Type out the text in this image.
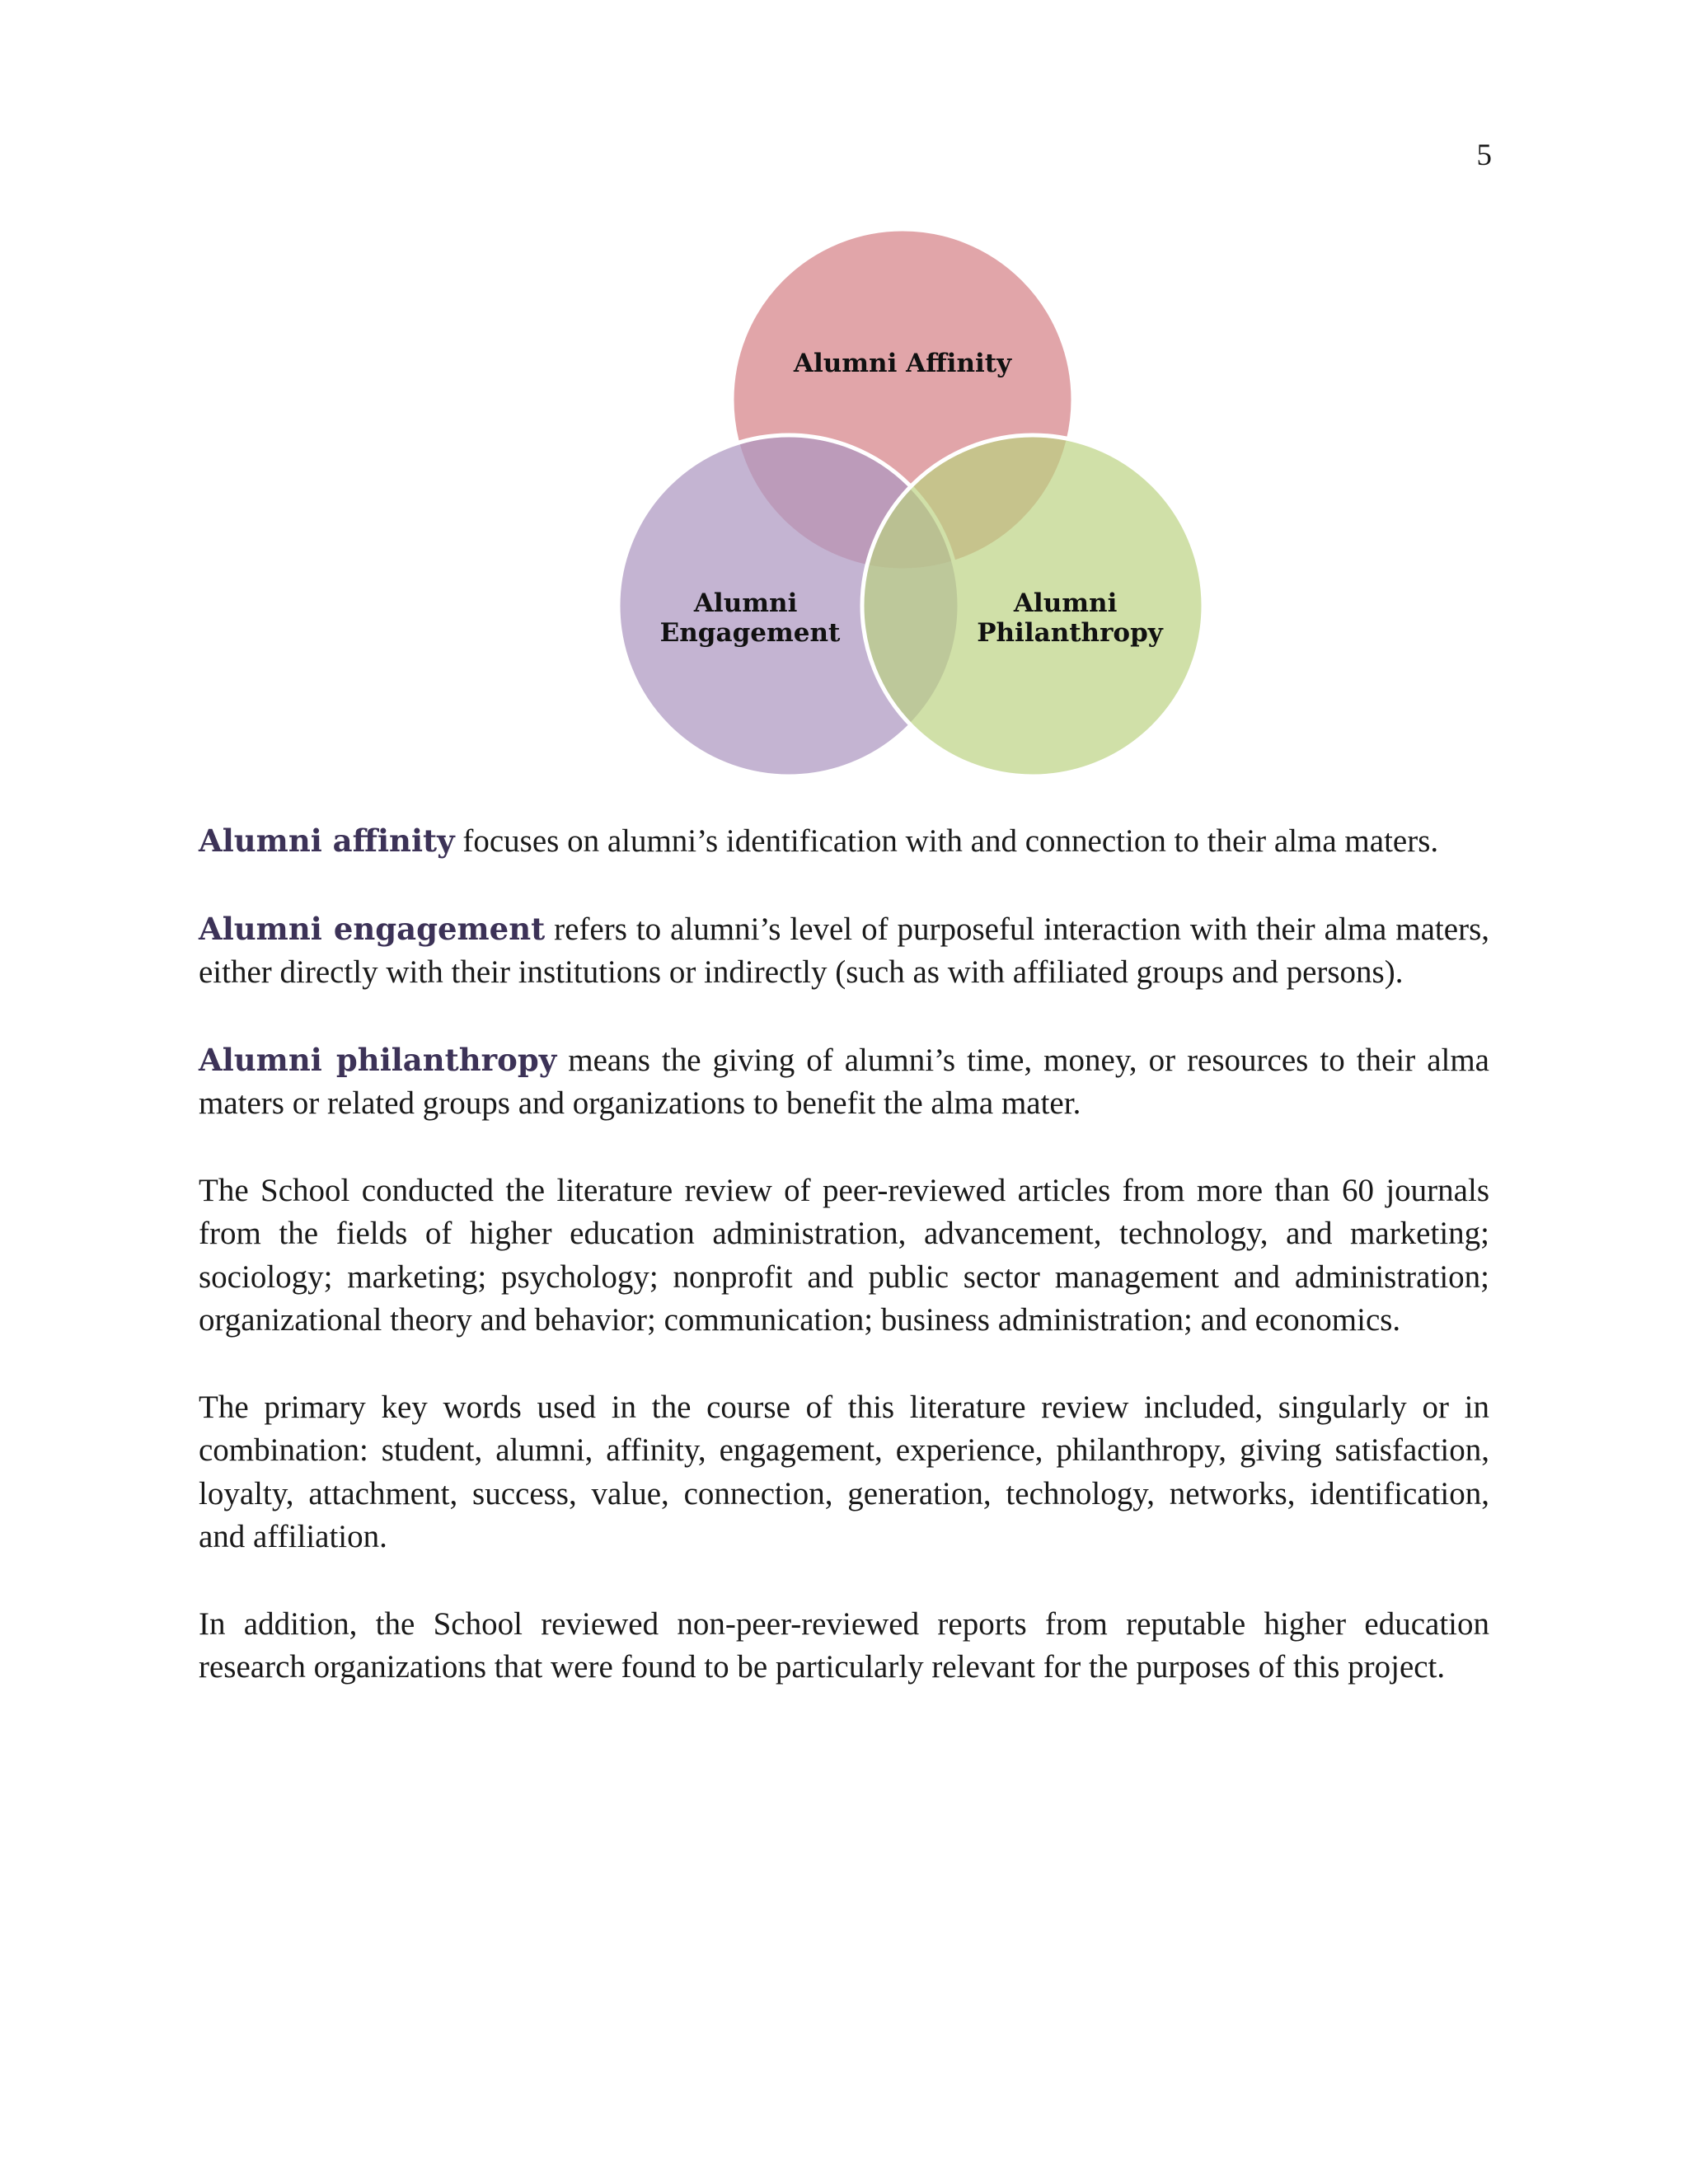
5
Alumni Affinity
Alumni Engagement
Alumni Philanthropy

Alumni affinity focuses on alumni’s identification with and connection to their alma maters.

Alumni engagement refers to alumni’s level of purposeful interaction with their alma maters, either directly with their institutions or indirectly (such as with affiliated groups and persons).

Alumni philanthropy means the giving of alumni’s time, money, or resources to their alma maters or related groups and organizations to benefit the alma mater.

The School conducted the literature review of peer-reviewed articles from more than 60 journals from the fields of higher education administration, advancement, technology, and marketing; sociology; marketing; psychology; nonprofit and public sector management and administration; organizational theory and behavior; communication; business administration; and economics.

The primary key words used in the course of this literature review included, singularly or in combination: student, alumni, affinity, engagement, experience, philanthropy, giving satisfaction, loyalty, attachment, success, value, connection, generation, technology, networks, identification, and affiliation.

In addition, the School reviewed non-peer-reviewed reports from reputable higher education research organizations that were found to be particularly relevant for the purposes of this project.
